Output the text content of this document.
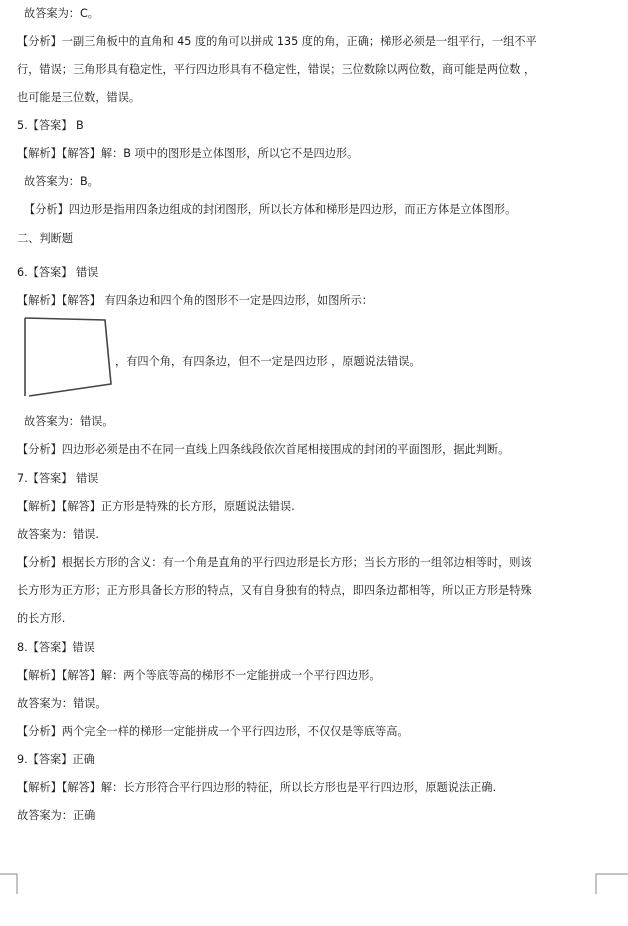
故答案为：C。
【分析】一副三角板中的直角和 45 度的角可以拼成 135 度的角，正确；梯形必须是一组平行，一组不平
行，错误；三角形具有稳定性，平行四边形具有不稳定性，错误；三位数除以两位数，商可能是两位数 ，
也可能是三位数，错误。
5.【答案】 B
【解析】【解答】解：B 项中的图形是立体图形，所以它不是四边形。
故答案为：B。
【分析】四边形是指用四条边组成的封闭图形，所以长方体和梯形是四边形，而正方体是立体图形。
二、判断题
6.【答案】 错误
【解析】【解答】 有四条边和四个角的图形不一定是四边形，如图所示：
，有四个角，有四条边，但不一定是四边形 ，原题说法错误。
故答案为：错误。
【分析】四边形必须是由不在同一直线上四条线段依次首尾相接围成的封闭的平面图形，据此判断。
7.【答案】 错误
【解析】【解答】正方形是特殊的长方形，原题说法错误.
故答案为：错误.
【分析】根据长方形的含义：有一个角是直角的平行四边形是长方形；当长方形的一组邻边相等时，则该
长方形为正方形；正方形具备长方形的特点，又有自身独有的特点，即四条边都相等，所以正方形是特殊
的长方形.
8.【答案】错误
【解析】【解答】解：两个等底等高的梯形不一定能拼成一个平行四边形。
故答案为：错误。
【分析】两个完全一样的梯形一定能拼成一个平行四边形，不仅仅是等底等高。
9.【答案】正确
【解析】【解答】解：长方形符合平行四边形的特征，所以长方形也是平行四边形，原题说法正确.
故答案为：正确
